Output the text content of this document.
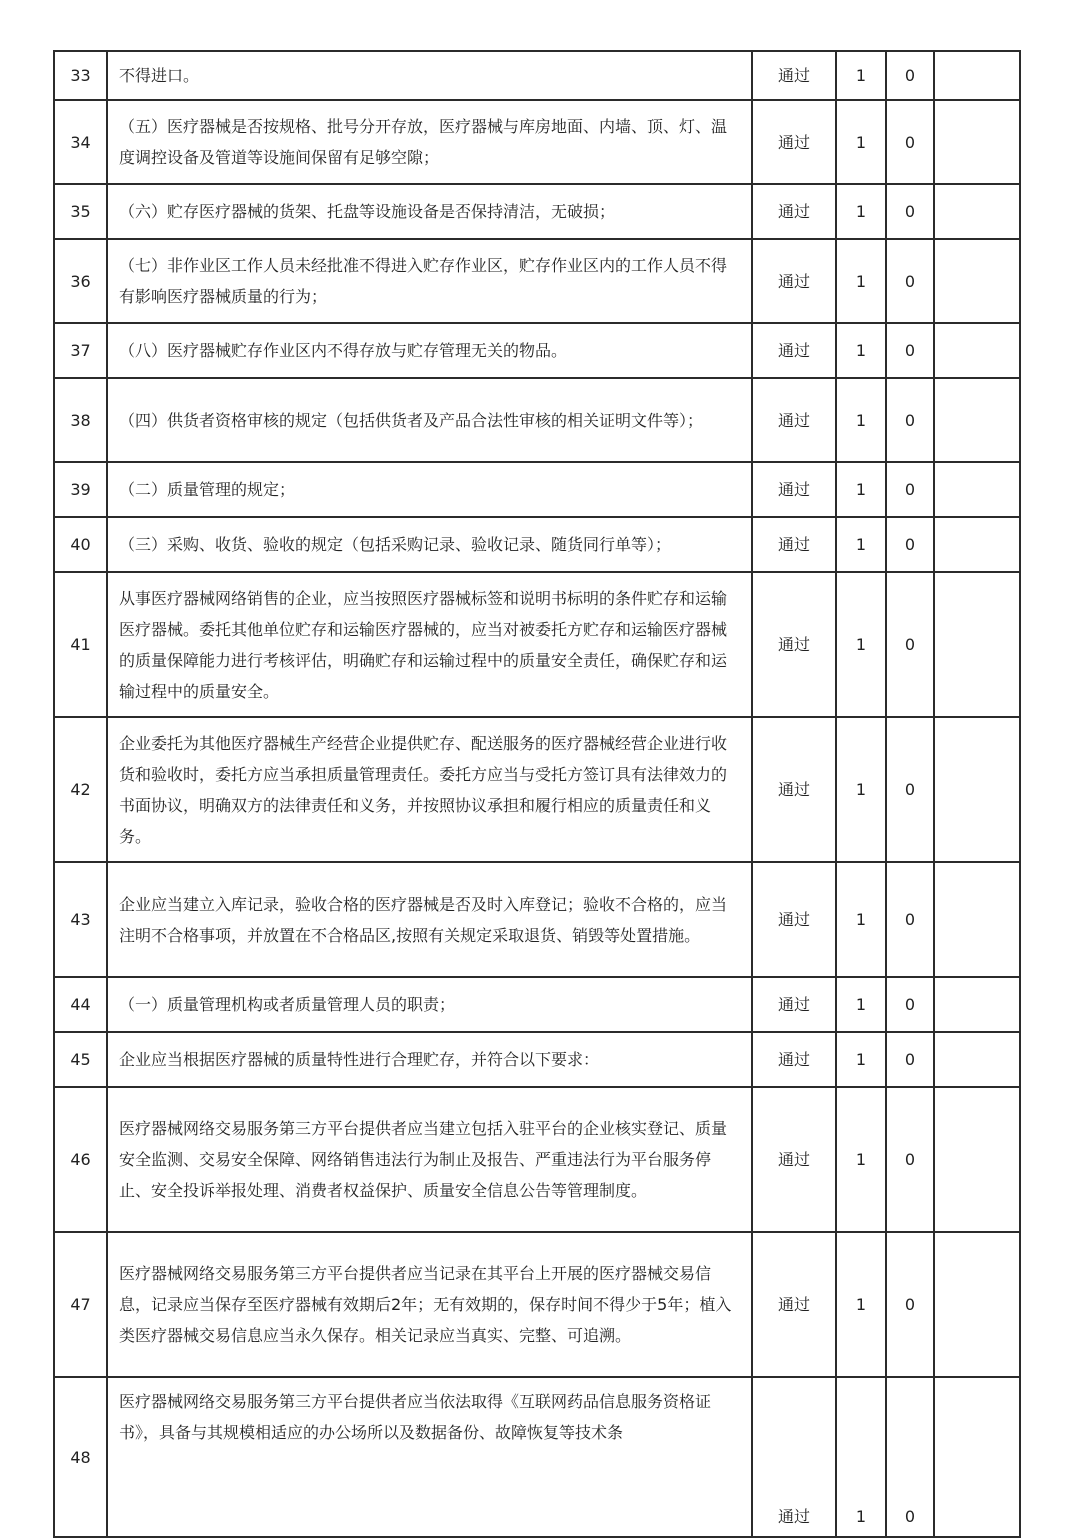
33	不得进口。	通过	1	0	
34	（五）医疗器械是否按规格、批号分开存放，医疗器械与库房地面、内墙、顶、灯、温度调控设备及管道等设施间保留有足够空隙；	通过	1	0	
35	（六）贮存医疗器械的货架、托盘等设施设备是否保持清洁，无破损；	通过	1	0	
36	（七）非作业区工作人员未经批准不得进入贮存作业区，贮存作业区内的工作人员不得有影响医疗器械质量的行为；	通过	1	0	
37	（八）医疗器械贮存作业区内不得存放与贮存管理无关的物品。	通过	1	0	
38	（四）供货者资格审核的规定（包括供货者及产品合法性审核的相关证明文件等）；	通过	1	0	
39	（二）质量管理的规定；	通过	1	0	
40	（三）采购、收货、验收的规定（包括采购记录、验收记录、随货同行单等）；	通过	1	0	
41	从事医疗器械网络销售的企业，应当按照医疗器械标签和说明书标明的条件贮存和运输医疗器械。委托其他单位贮存和运输医疗器械的，应当对被委托方贮存和运输医疗器械的质量保障能力进行考核评估，明确贮存和运输过程中的质量安全责任，确保贮存和运输过程中的质量安全。	通过	1	0	
42	企业委托为其他医疗器械生产经营企业提供贮存、配送服务的医疗器械经营企业进行收货和验收时，委托方应当承担质量管理责任。委托方应当与受托方签订具有法律效力的书面协议，明确双方的法律责任和义务，并按照协议承担和履行相应的质量责任和义务。	通过	1	0	
43	企业应当建立入库记录，验收合格的医疗器械是否及时入库登记；验收不合格的，应当注明不合格事项，并放置在不合格品区,按照有关规定采取退货、销毁等处置措施。	通过	1	0	
44	（一）质量管理机构或者质量管理人员的职责；	通过	1	0	
45	企业应当根据医疗器械的质量特性进行合理贮存，并符合以下要求：	通过	1	0	
46	医疗器械网络交易服务第三方平台提供者应当建立包括入驻平台的企业核实登记、质量安全监测、交易安全保障、网络销售违法行为制止及报告、严重违法行为平台服务停止、安全投诉举报处理、消费者权益保护、质量安全信息公告等管理制度。	通过	1	0	
47	医疗器械网络交易服务第三方平台提供者应当记录在其平台上开展的医疗器械交易信息，记录应当保存至医疗器械有效期后2年；无有效期的，保存时间不得少于5年；植入类医疗器械交易信息应当永久保存。相关记录应当真实、完整、可追溯。	通过	1	0	
48	医疗器械网络交易服务第三方平台提供者应当依法取得《互联网药品信息服务资格证书》，具备与其规模相适应的办公场所以及数据备份、故障恢复等技术条	通过	1	0	
